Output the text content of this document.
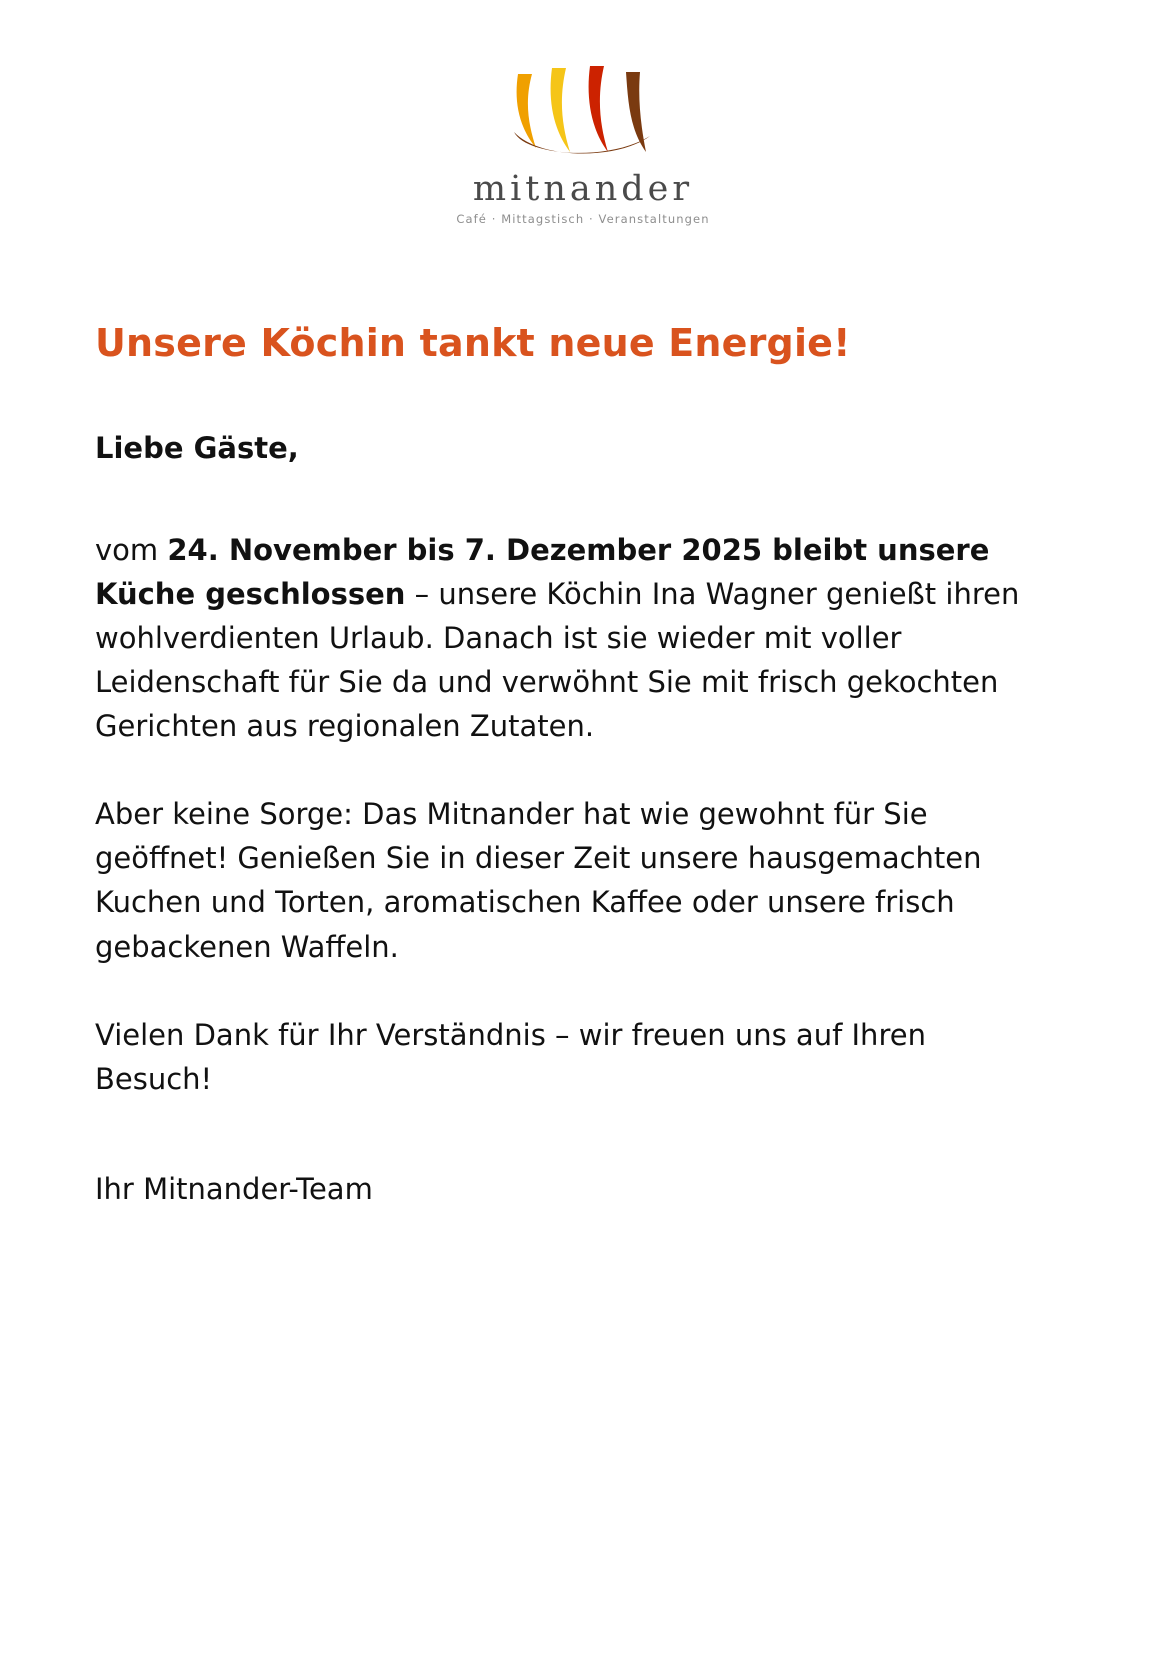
mitnander
Café · Mittagstisch · Veranstaltungen
Unsere Köchin tankt neue Energie!

Liebe Gäste,

vom 24. November bis 7. Dezember 2025 bleibt unsere Küche geschlossen – unsere Köchin Ina Wagner genießt ihren wohlverdienten Urlaub. Danach ist sie wieder mit voller Leidenschaft für Sie da und verwöhnt Sie mit frisch gekochten Gerichten aus regionalen Zutaten.

Aber keine Sorge: Das Mitnander hat wie gewohnt für Sie geöffnet! Genießen Sie in dieser Zeit unsere hausgemachten Kuchen und Torten, aromatischen Kaffee oder unsere frisch gebackenen Waffeln.

Vielen Dank für Ihr Verständnis – wir freuen uns auf Ihren Besuch!

Ihr Mitnander-Team
